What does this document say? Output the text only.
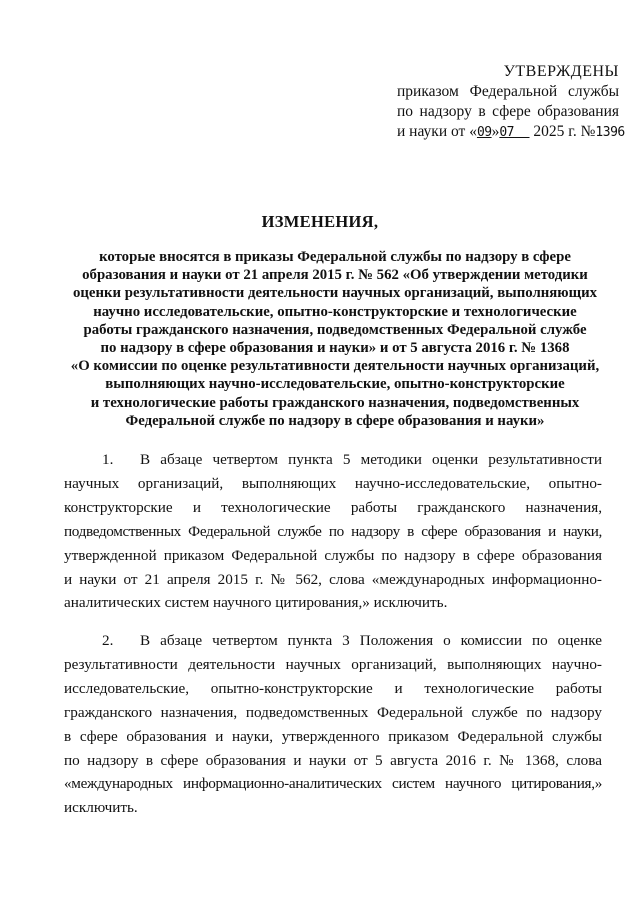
УТВЕРЖДЕНЫ
приказом Федеральной службы
по надзору в сфере образования
и науки от «09»07 2025 г. №1396
ИЗМЕНЕНИЯ,
которые вносятся в приказы Федеральной службы по надзору в сфере
образования и науки от 21 апреля 2015 г. № 562 «Об утверждении методики
оценки результативности деятельности научных организаций, выполняющих
научно исследовательские, опытно-конструкторские и технологические
работы гражданского назначения, подведомственных Федеральной службе
по надзору в сфере образования и науки» и от 5 августа 2016 г. № 1368
«О комиссии по оценке результативности деятельности научных организаций,
выполняющих научно-исследовательские, опытно-конструкторские
и технологические работы гражданского назначения, подведомственных
Федеральной службе по надзору в сфере образования и науки»
1. В абзаце четвертом пункта 5 методики оценки результативности
научных организаций, выполняющих научно-исследовательские, опытно-
конструкторские и технологические работы гражданского назначения,
подведомственных Федеральной службе по надзору в сфере образования и науки,
утвержденной приказом Федеральной службы по надзору в сфере образования
и науки от 21 апреля 2015 г. № 562, слова «международных информационно-
аналитических систем научного цитирования,» исключить.
2. В абзаце четвертом пункта 3 Положения о комиссии по оценке
результативности деятельности научных организаций, выполняющих научно-
исследовательские, опытно-конструкторские и технологические работы
гражданского назначения, подведомственных Федеральной службе по надзору
в сфере образования и науки, утвержденного приказом Федеральной службы
по надзору в сфере образования и науки от 5 августа 2016 г. № 1368, слова
«международных информационно-аналитических систем научного цитирования,»
исключить.
